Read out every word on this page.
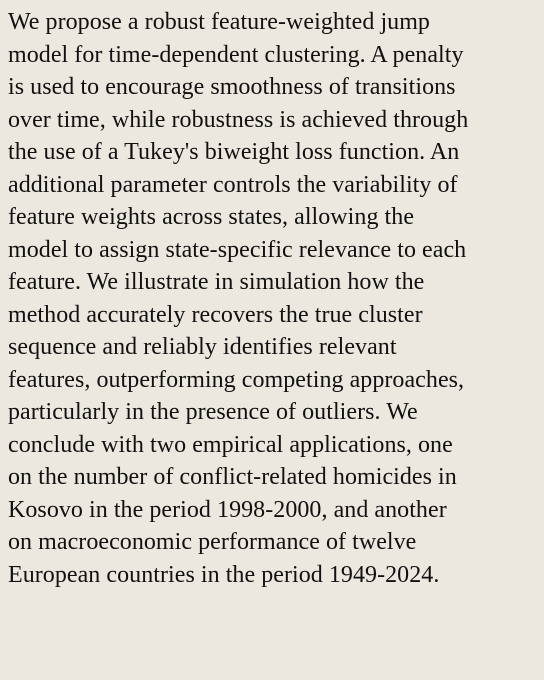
We propose a robust feature-weighted jump
model for time-dependent clustering. A penalty
is used to encourage smoothness of transitions
over time, while robustness is achieved through
the use of a Tukey's biweight loss function. An
additional parameter controls the variability of
feature weights across states, allowing the
model to assign state-specific relevance to each
feature. We illustrate in simulation how the
method accurately recovers the true cluster
sequence and reliably identifies relevant
features, outperforming competing approaches,
particularly in the presence of outliers. We
conclude with two empirical applications, one
on the number of conflict-related homicides in
Kosovo in the period 1998-2000, and another
on macroeconomic performance of twelve
European countries in the period 1949-2024.
